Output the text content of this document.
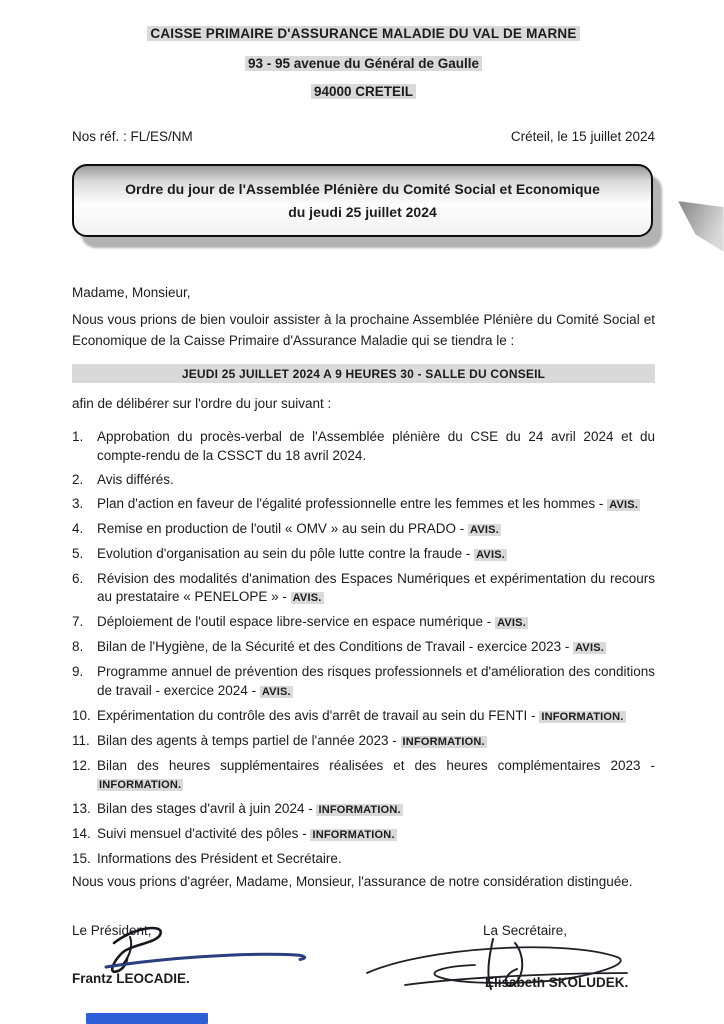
CAISSE PRIMAIRE D'ASSURANCE MALADIE DU VAL DE MARNE
93 - 95 avenue du Général de Gaulle
94000 CRETEIL
Nos réf. : FL/ES/NM	Créteil, le 15 juillet 2024
Ordre du jour de l'Assemblée Plénière du Comité Social et Economique
du jeudi 25 juillet 2024
Madame, Monsieur,
Nous vous prions de bien vouloir assister à la prochaine Assemblée Plénière du Comité Social et Economique de la Caisse Primaire d'Assurance Maladie qui se tiendra le :
JEUDI 25 JUILLET 2024 A 9 HEURES 30 - SALLE DU CONSEIL
afin de délibérer sur l'ordre du jour suivant :
1. Approbation du procès-verbal de l'Assemblée plénière du CSE du 24 avril 2024 et du compte-rendu de la CSSCT du 18 avril 2024.
2. Avis différés.
3. Plan d'action en faveur de l'égalité professionnelle entre les femmes et les hommes - AVIS.
4. Remise en production de l'outil « OMV » au sein du PRADO - AVIS.
5. Evolution d'organisation au sein du pôle lutte contre la fraude - AVIS.
6. Révision des modalités d'animation des Espaces Numériques et expérimentation du recours au prestataire « PENELOPE » - AVIS.
7. Déploiement de l'outil espace libre-service en espace numérique - AVIS.
8. Bilan de l'Hygiène, de la Sécurité et des Conditions de Travail - exercice 2023 - AVIS.
9. Programme annuel de prévention des risques professionnels et d'amélioration des conditions de travail - exercice 2024 - AVIS.
10. Expérimentation du contrôle des avis d'arrêt de travail au sein du FENTI - INFORMATION.
11. Bilan des agents à temps partiel de l'année 2023 - INFORMATION.
12. Bilan des heures supplémentaires réalisées et des heures complémentaires 2023 - INFORMATION.
13. Bilan des stages d'avril à juin 2024 - INFORMATION.
14. Suivi mensuel d'activité des pôles - INFORMATION.
15. Informations des Président et Secrétaire.
Nous vous prions d'agréer, Madame, Monsieur, l'assurance de notre considération distinguée.
Le Président,
Frantz LEOCADIE.
La Secrétaire,
Elisabeth SKOLUDEK.
